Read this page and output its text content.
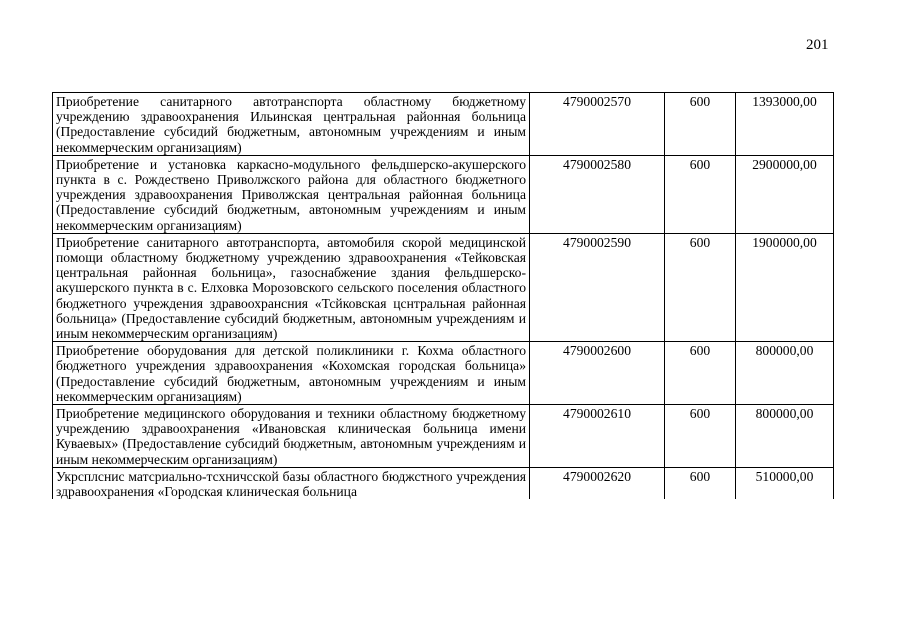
201
Приобретение санитарного автотранспорта областному бюджетному учреждению здравоохранения Ильинская центральная районная больница (Предоставление субсидий бюджетным, автономным учреждениям и иным некоммерческим организациям)	4790002570	600	1393000,00
Приобретение и установка каркасно-модульного фельдшерско-акушерского пункта в с. Рождествено Приволжского района для областного бюджетного учреждения здравоохранения Приволжская центральная районная больница (Предоставление субсидий бюджетным, автономным учреждениям и иным некоммерческим организациям)	4790002580	600	2900000,00
Приобретение санитарного автотранспорта, автомобиля скорой медицинской помощи областному бюджетному учреждению здравоохранения «Тейковская центральная районная больница», газоснабжение здания фельдшерско-акушерского пункта в с. Елховка Морозовского сельского поселения областного бюджетного учреждения здравоохрансния «Тсйковская цснтральная районная больница» (Предоставление субсидий бюджетным, автономным учреждениям и иным некоммерческим организациям)	4790002590	600	1900000,00
Приобретение оборудования для детской поликлиники г. Кохма областного бюджетного учреждения здравоохранения «Кохомская городская больница» (Предоставление субсидий бюджетным, автономным учреждениям и иным некоммерческим организациям)	4790002600	600	800000,00
Приобретение медицинского оборудования и техники областному бюджетному учреждению здравоохранения «Ивановская клиническая больница имени Куваевых» (Предоставление субсидий бюджетным, автономным учреждениям и иным некоммерческим организациям)	4790002610	600	800000,00
Укрсплснис матсриально-тсхничсской базы областного бюджстного учреждения здравоохранения «Городская клиническая больница	4790002620	600	510000,00
